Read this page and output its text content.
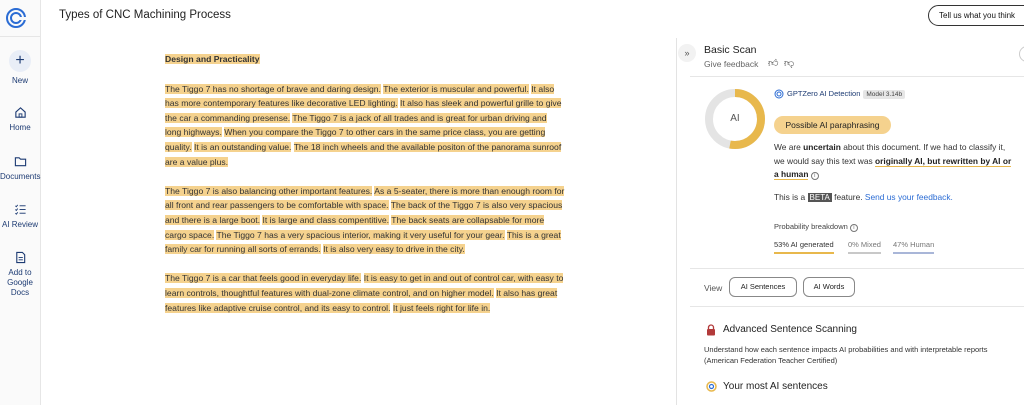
+
New
Home
Documents
AI Review
Add to Google Docs
Types of CNC Machining Process	Tell us what you think

Design and Practicality

The Tiggo 7 has no shortage of brave and daring design. The exterior is muscular and powerful. It also has more contemporary features like decorative LED lighting. It also has sleek and powerful grille to give the car a commanding presense. The Tiggo 7 is a jack of all trades and is great for urban driving and long highways. When you compare the Tiggo 7 to other cars in the same price class, you are getting quality. It is an outstanding value. The 18 inch wheels and the available positon of the panorama sunroof are a value plus.

The Tiggo 7 is also balancing other important features. As a 5-seater, there is more than enough room for all front and rear passengers to be comfortable with space. The back of the Tiggo 7 is also very spacious and there is a large boot. It is large and class compentitive. The back seats are collapsable for more cargo space. The Tiggo 7 has a very spacious interior, making it very useful for your gear. This is a great family car for running all sorts of errands. It is also very easy to drive in the city.

The Tiggo 7 is a car that feels good in everyday life. It is easy to get in and out of control car, with easy to learn controls, thoughtful features with dual-zone climate control, and on higher model. It also has great features like adaptive cruise control, and its easy to control. It just feels right for life in.

»	Basic Scan
Give feedback 👍︎ 👎︎
AI
GPTZero AI Detection Model 3.14b
Possible AI paraphrasing
We are uncertain about this document. If we had to classify it, we would say this text was originally AI, but rewritten by AI or a human i
This is a BETA feature. Send us your feedback.
Probability breakdown i
53% AI generated 0% Mixed 47% Human
View	AI Sentences	AI Words
Advanced Sentence Scanning
Understand how each sentence impacts AI probabilities and with interpretable reports (American Federation Teacher Certified)
Your most AI sentences
